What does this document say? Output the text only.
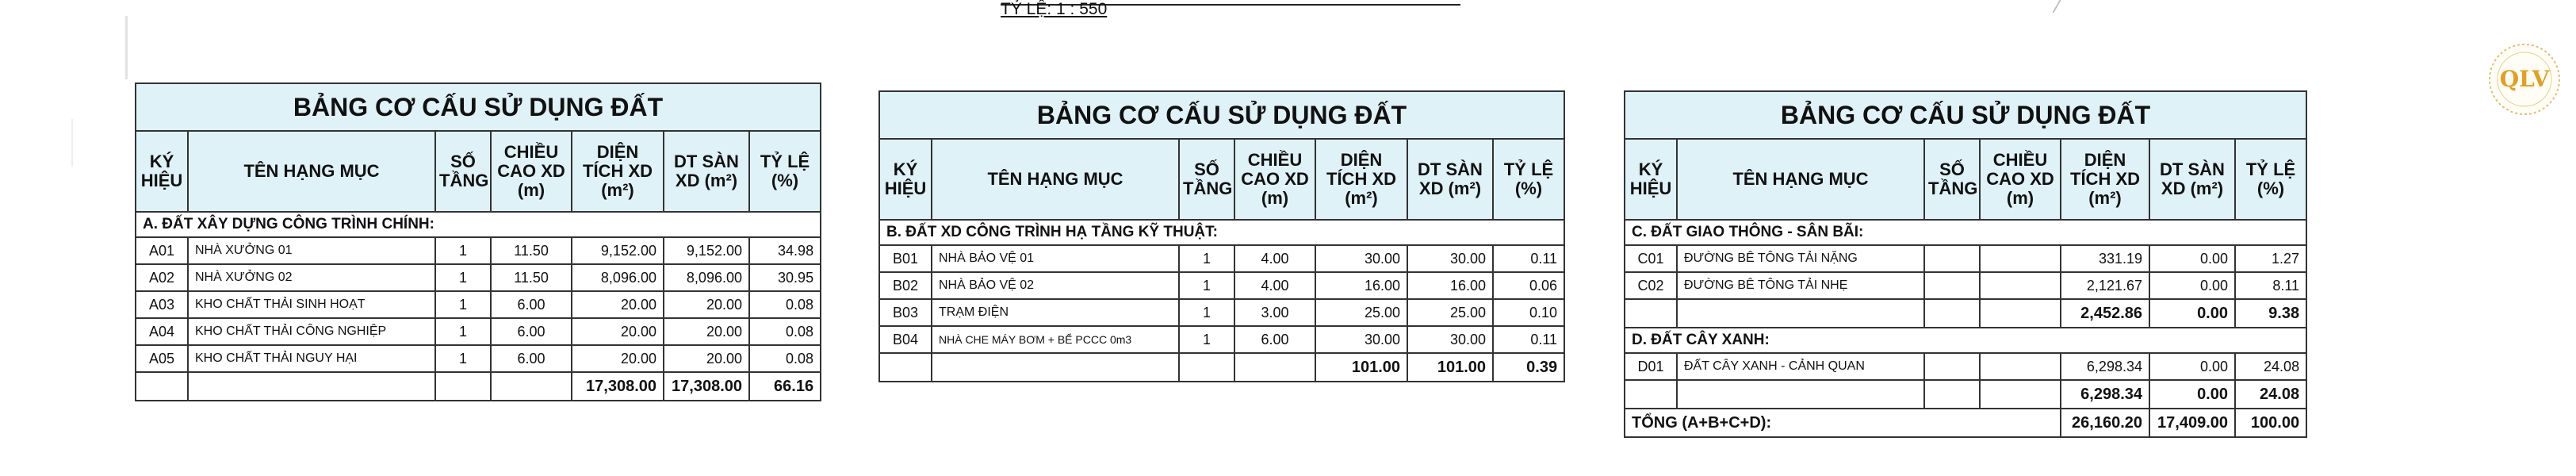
TỶ LỆ: 1 : 550
QLV
BẢNG CƠ CẤU SỬ DỤNG ĐẤT						
KÝ HIỆU	TÊN HẠNG MỤC	SỐ TẦNG	CHIỀU CAO XD (m)	DIỆN TÍCH XD (m²)	DT SÀN XD (m²)	TỶ LỆ (%)
A. ĐẤT XÂY DỰNG CÔNG TRÌNH CHÍNH:						
A01	NHÀ XƯỞNG 01	1	11.50	9,152.00	9,152.00	34.98
A02	NHÀ XƯỞNG 02	1	11.50	8,096.00	8,096.00	30.95
A03	KHO CHẤT THẢI SINH HOẠT	1	6.00	20.00	20.00	0.08
A04	KHO CHẤT THẢI CÔNG NGHIỆP	1	6.00	20.00	20.00	0.08
A05	KHO CHẤT THẢI NGUY HẠI	1	6.00	20.00	20.00	0.08
				17,308.00	17,308.00	66.16
BẢNG CƠ CẤU SỬ DỤNG ĐẤT						
KÝ HIỆU	TÊN HẠNG MỤC	SỐ TẦNG	CHIỀU CAO XD (m)	DIỆN TÍCH XD (m²)	DT SÀN XD (m²)	TỶ LỆ (%)
B. ĐẤT XD CÔNG TRÌNH HẠ TẦNG KỸ THUẬT:						
B01	NHÀ BẢO VỆ 01	1	4.00	30.00	30.00	0.11
B02	NHÀ BẢO VỆ 02	1	4.00	16.00	16.00	0.06
B03	TRẠM ĐIỆN	1	3.00	25.00	25.00	0.10
B04	NHÀ CHE MÁY BƠM + BỂ PCCC 0m3	1	6.00	30.00	30.00	0.11
				101.00	101.00	0.39
BẢNG CƠ CẤU SỬ DỤNG ĐẤT						
KÝ HIỆU	TÊN HẠNG MỤC	SỐ TẦNG	CHIỀU CAO XD (m)	DIỆN TÍCH XD (m²)	DT SÀN XD (m²)	TỶ LỆ (%)
C. ĐẤT GIAO THÔNG - SÂN BÃI:						
C01	ĐƯỜNG BÊ TÔNG TẢI NẶNG			331.19	0.00	1.27
C02	ĐƯỜNG BÊ TÔNG TẢI NHẸ			2,121.67	0.00	8.11
				2,452.86	0.00	9.38
D. ĐẤT CÂY XANH:						
D01	ĐẤT CÂY XANH - CẢNH QUAN			6,298.34	0.00	24.08
				6,298.34	0.00	24.08
TỔNG (A+B+C+D):				26,160.20	17,409.00	100.00
